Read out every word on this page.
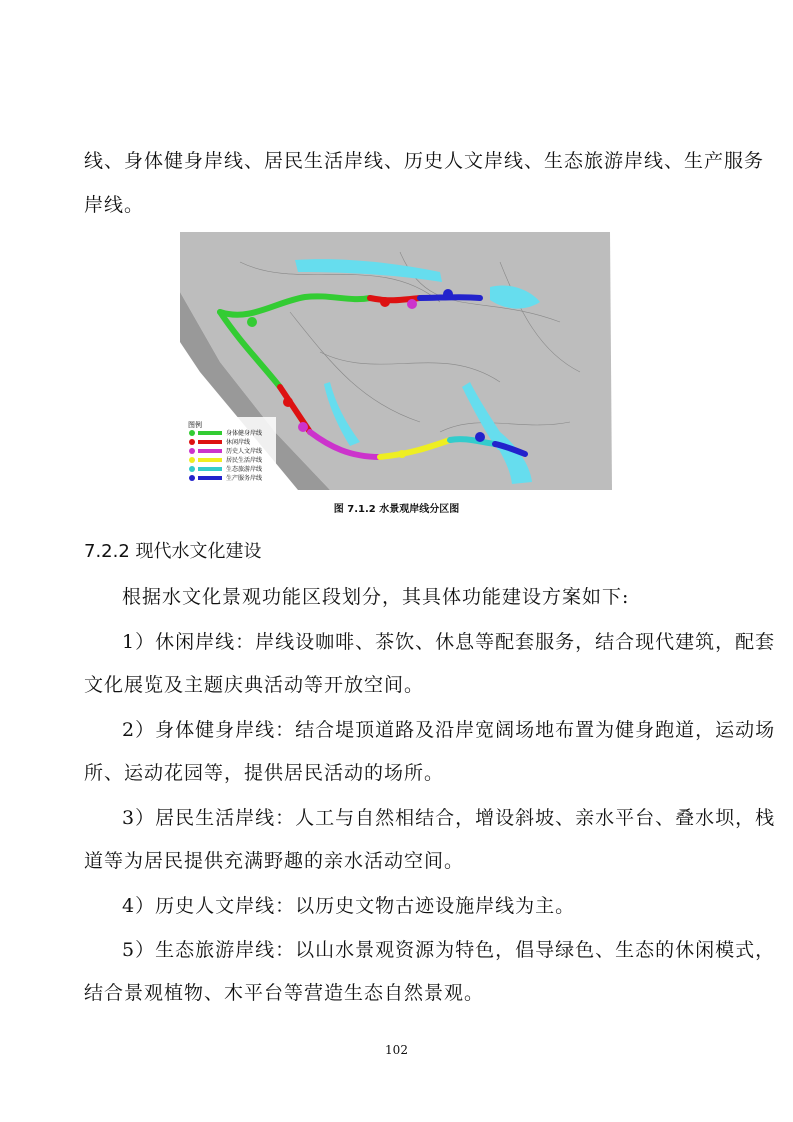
线、身体健身岸线、居民生活岸线、历史人文岸线、生态旅游岸线、生产服务
岸线。
图例
身体健身岸线
休闲岸线
历史人文岸线
居民生活岸线
生态旅游岸线
生产服务岸线
图 7.1.2 水景观岸线分区图
7.2.2 现代水文化建设
根据水文化景观功能区段划分，其具体功能建设方案如下:
1）休闲岸线：岸线设咖啡、茶饮、休息等配套服务，结合现代建筑，配套
文化展览及主题庆典活动等开放空间。
2）身体健身岸线：结合堤顶道路及沿岸宽阔场地布置为健身跑道，运动场
所、运动花园等，提供居民活动的场所。
3）居民生活岸线：人工与自然相结合，增设斜坡、亲水平台、叠水坝，栈
道等为居民提供充满野趣的亲水活动空间。
4）历史人文岸线：以历史文物古迹设施岸线为主。
5）生态旅游岸线：以山水景观资源为特色，倡导绿色、生态的休闲模式，
结合景观植物、木平台等营造生态自然景观。
102
